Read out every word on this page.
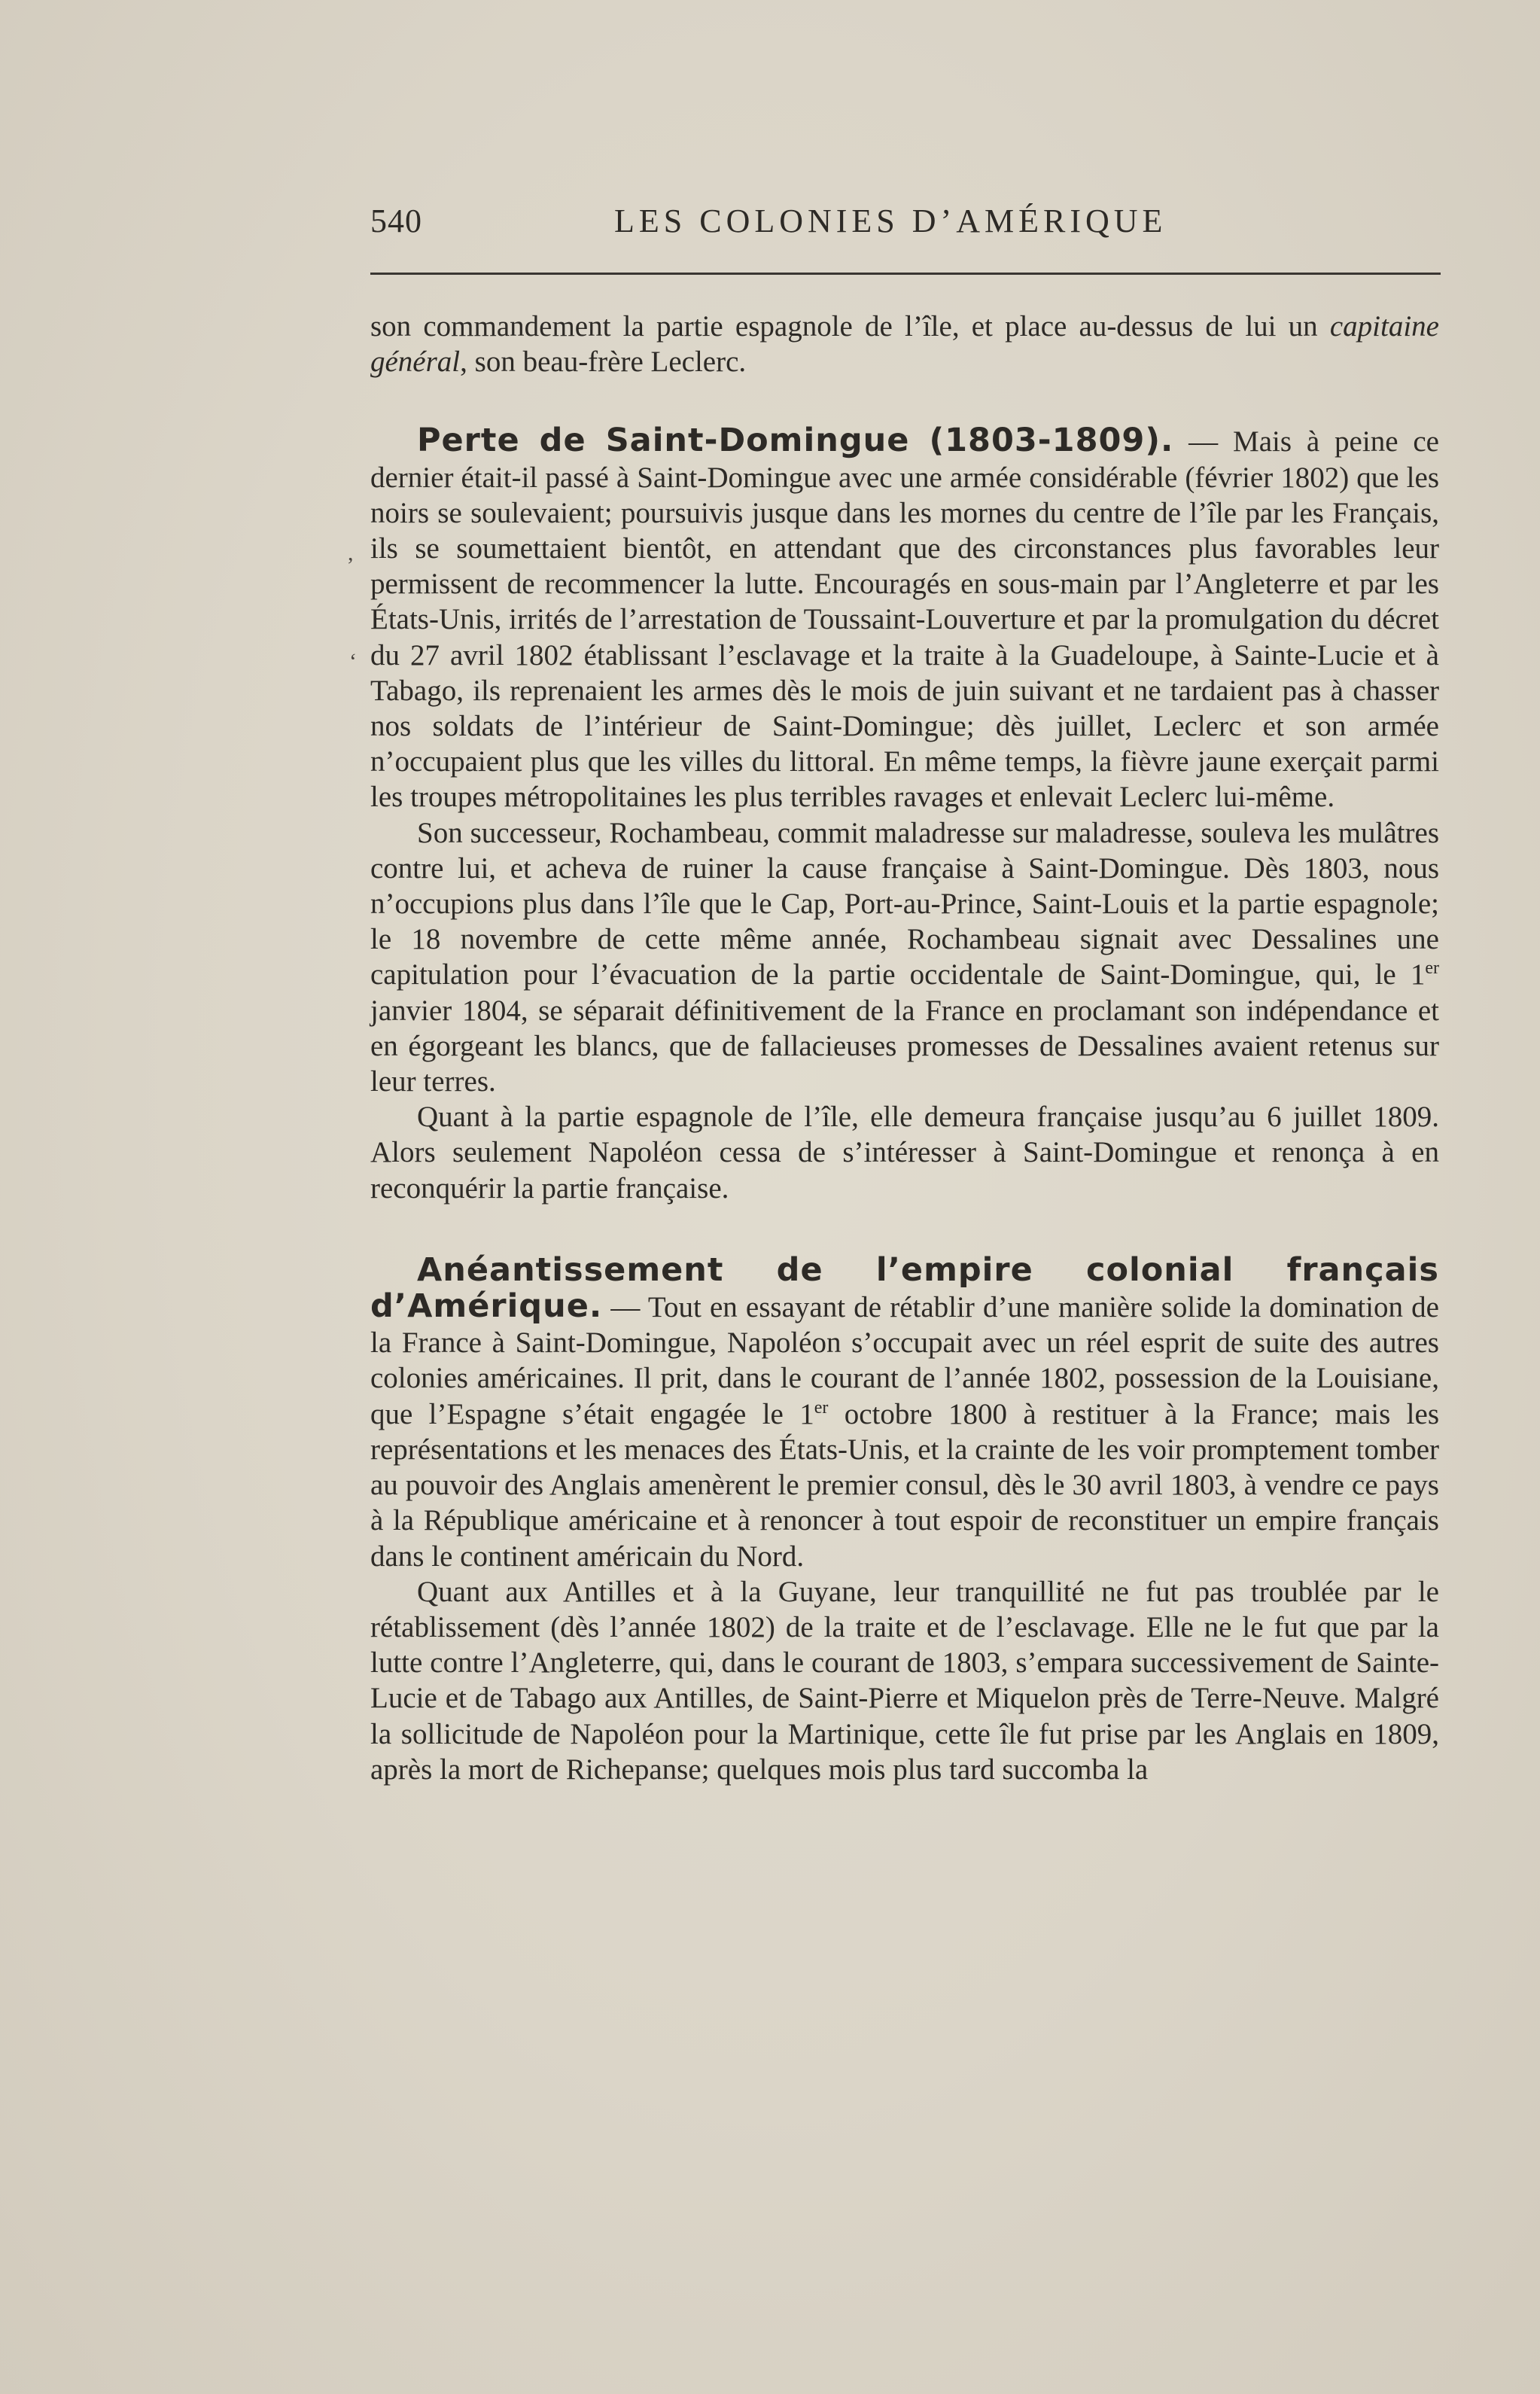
540	LES COLONIES D’AMÉRIQUE
,
ʻ

son commandement la partie espagnole de l’île, et place au-dessus de lui un capitaine général, son beau-frère Leclerc.

Perte de Saint-Domingue (1803-1809). — Mais à peine ce dernier était-il passé à Saint-Domingue avec une armée considérable (février 1802) que les noirs se soulevaient; poursuivis jusque dans les mornes du centre de l’île par les Français, ils se soumettaient bientôt, en attendant que des circonstances plus favorables leur permissent de recommencer la lutte. Encouragés en sous-main par l’Angleterre et par les États-Unis, irrités de l’arrestation de Toussaint-Louverture et par la promulgation du décret du 27 avril 1802 établissant l’esclavage et la traite à la Guadeloupe, à Sainte-Lucie et à Tabago, ils reprenaient les armes dès le mois de juin suivant et ne tardaient pas à chasser nos soldats de l’intérieur de Saint-Domingue; dès juillet, Leclerc et son armée n’occupaient plus que les villes du littoral. En même temps, la fièvre jaune exerçait parmi les troupes métropolitaines les plus terribles ravages et enlevait Leclerc lui-même.

Son successeur, Rochambeau, commit maladresse sur maladresse, souleva les mulâtres contre lui, et acheva de ruiner la cause française à Saint-Domingue. Dès 1803, nous n’occupions plus dans l’île que le Cap, Port-au-Prince, Saint-Louis et la partie espagnole; le 18 novembre de cette même année, Rochambeau signait avec Dessalines une capitulation pour l’évacuation de la partie occidentale de Saint-Domingue, qui, le 1er janvier 1804, se séparait définitivement de la France en proclamant son indépendance et en égorgeant les blancs, que de fallacieuses promesses de Dessalines avaient retenus sur leur terres.

Quant à la partie espagnole de l’île, elle demeura française jusqu’au 6 juillet 1809. Alors seulement Napoléon cessa de s’intéresser à Saint-Domingue et renonça à en reconquérir la partie française.

Anéantissement de l’empire colonial français d’Amérique. — Tout en essayant de rétablir d’une manière solide la domination de la France à Saint-Domingue, Napoléon s’occupait avec un réel esprit de suite des autres colonies américaines. Il prit, dans le courant de l’année 1802, possession de la Louisiane, que l’Espagne s’était engagée le 1er octobre 1800 à restituer à la France; mais les représentations et les menaces des États-Unis, et la crainte de les voir promptement tomber au pouvoir des Anglais amenèrent le premier consul, dès le 30 avril 1803, à vendre ce pays à la République américaine et à renoncer à tout espoir de reconstituer un empire français dans le continent américain du Nord.

Quant aux Antilles et à la Guyane, leur tranquillité ne fut pas troublée par le rétablissement (dès l’année 1802) de la traite et de l’esclavage. Elle ne le fut que par la lutte contre l’Angleterre, qui, dans le courant de 1803, s’empara successivement de Sainte-Lucie et de Tabago aux Antilles, de Saint-Pierre et Miquelon près de Terre-Neuve. Malgré la sollicitude de Napoléon pour la Martinique, cette île fut prise par les Anglais en 1809, après la mort de Richepanse; quelques mois plus tard succomba la
